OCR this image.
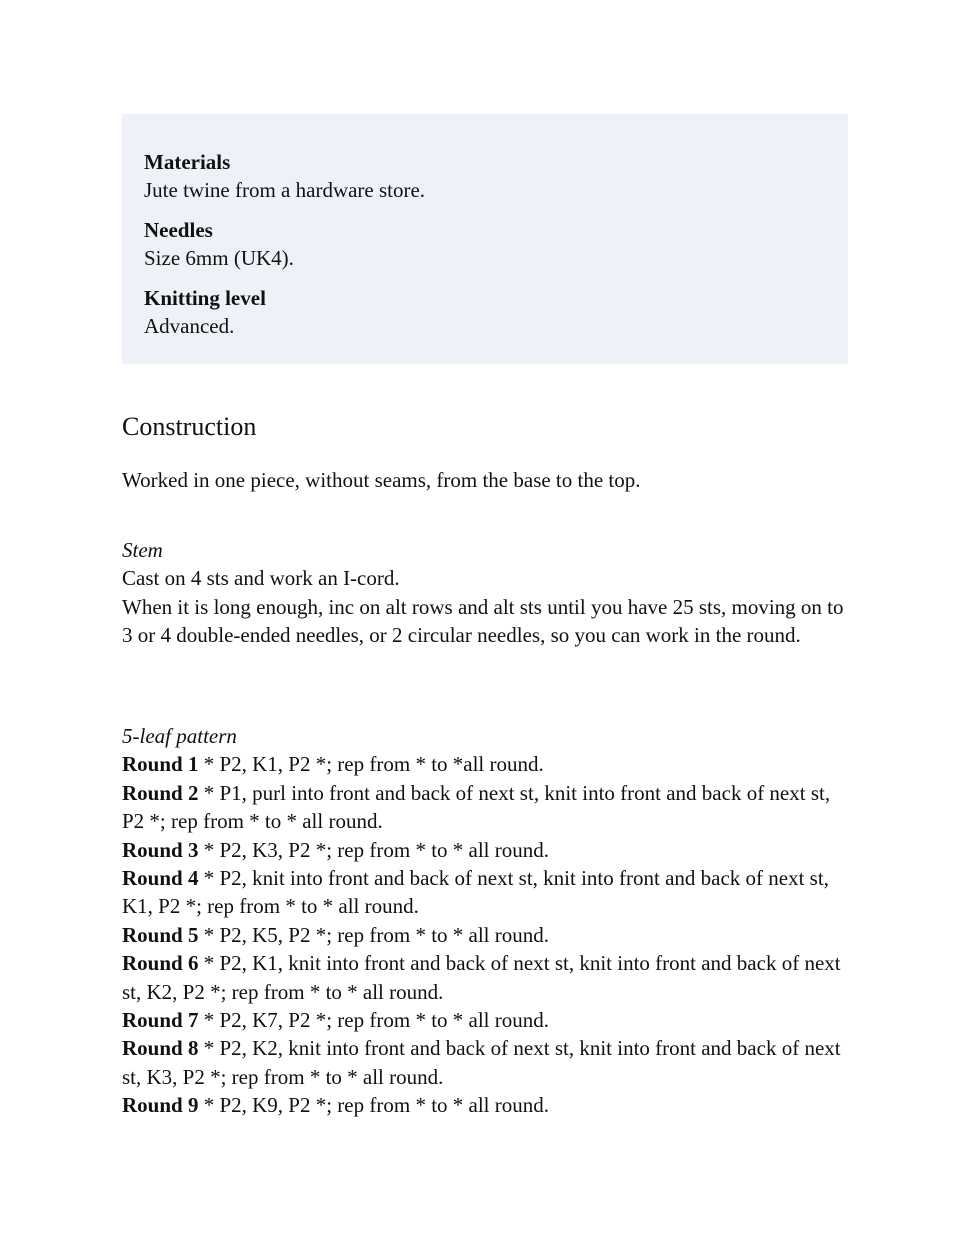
Materials
Jute twine from a hardware store.
Needles
Size 6mm (UK4).
Knitting level
Advanced.
Construction

Worked in one piece, without seams, from the base to the top.

Stem
Cast on 4 sts and work an I-cord.
When it is long enough, inc on alt rows and alt sts until you have 25 sts, moving on to 3 or 4 double-ended needles, or 2 circular needles, so you can work in the round.
5-leaf pattern
Round 1 * P2, K1, P2 *; rep from * to *all round.
Round 2 * P1, purl into front and back of next st, knit into front and back of next st, P2 *; rep from * to * all round.
Round 3 * P2, K3, P2 *; rep from * to * all round.
Round 4 * P2, knit into front and back of next st, knit into front and back of next st, K1, P2 *; rep from * to * all round.
Round 5 * P2, K5, P2 *; rep from * to * all round.
Round 6 * P2, K1, knit into front and back of next st, knit into front and back of next st, K2, P2 *; rep from * to * all round.
Round 7 * P2, K7, P2 *; rep from * to * all round.
Round 8 * P2, K2, knit into front and back of next st, knit into front and back of next st, K3, P2 *; rep from * to * all round.
Round 9 * P2, K9, P2 *; rep from * to * all round.
